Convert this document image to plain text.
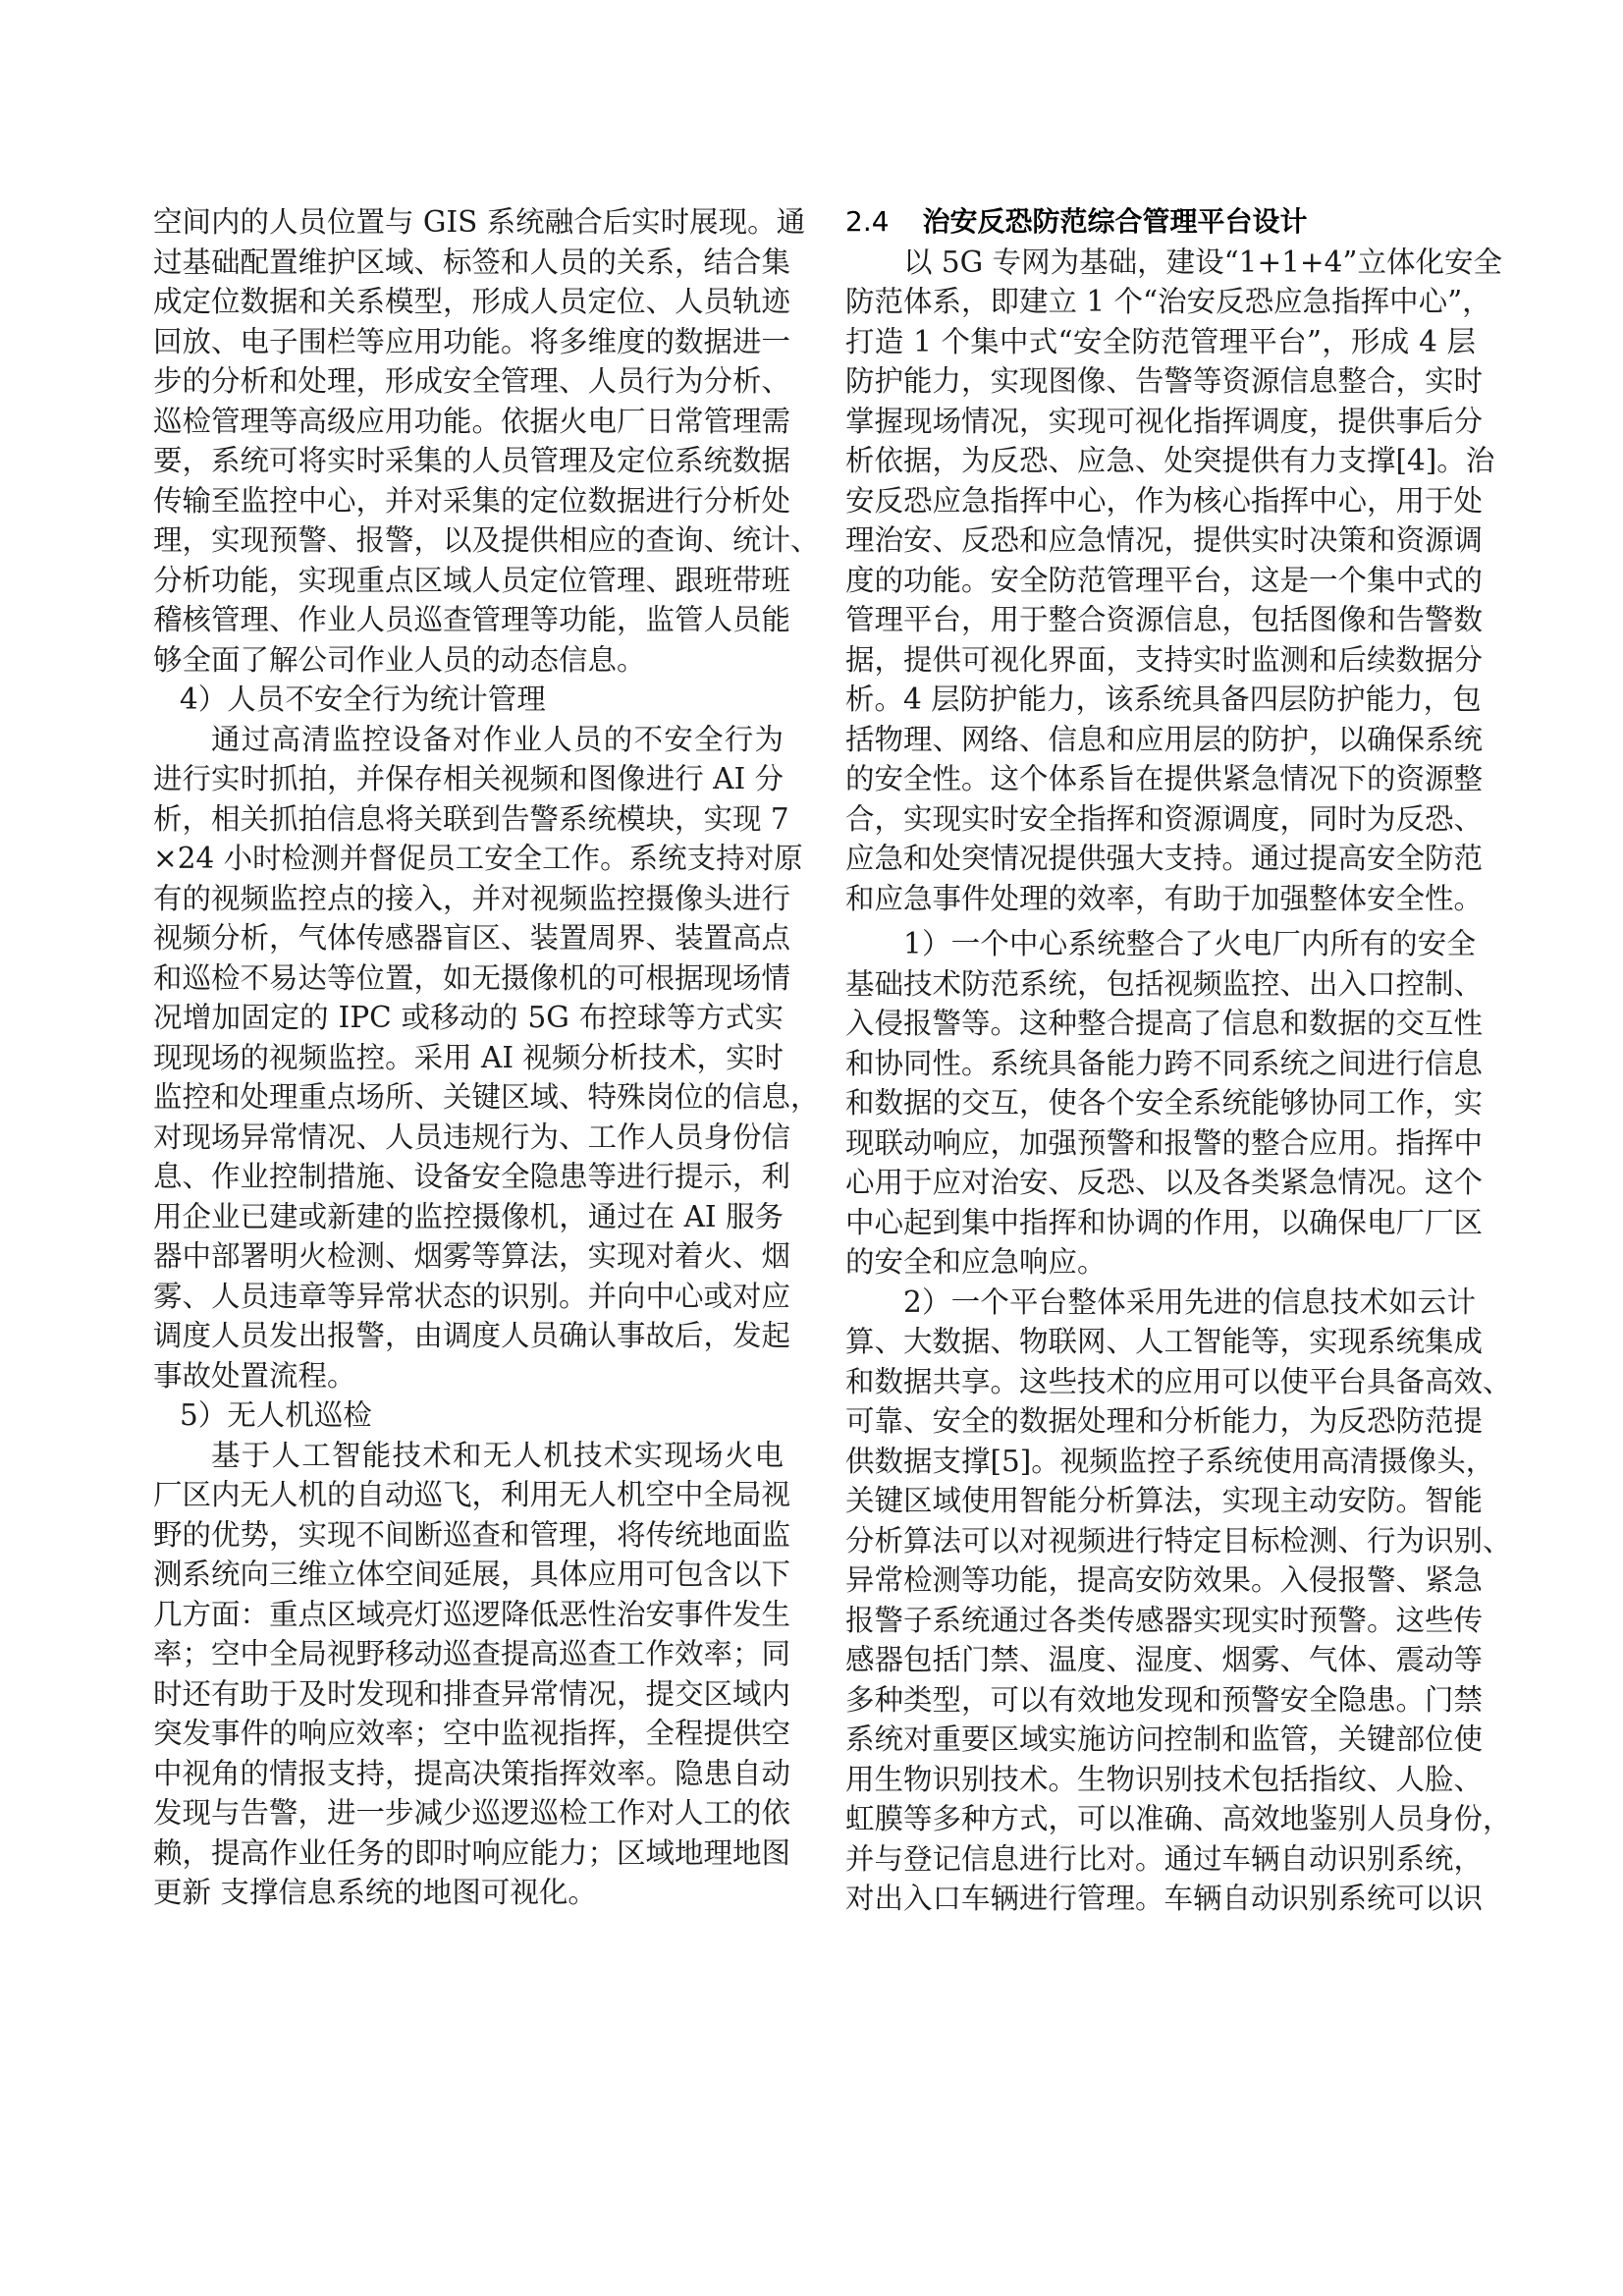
空间内的人员位置与 GIS 系统融合后实时展现。通
过基础配置维护区域、标签和人员的关系，结合集
成定位数据和关系模型，形成人员定位、人员轨迹
回放、电子围栏等应用功能。将多维度的数据进一
步的分析和处理，形成安全管理、人员行为分析、
巡检管理等高级应用功能。依据火电厂日常管理需
要，系统可将实时采集的人员管理及定位系统数据
传输至监控中心，并对采集的定位数据进行分析处
理，实现预警、报警，以及提供相应的查询、统计、
分析功能，实现重点区域人员定位管理、跟班带班
稽核管理、作业人员巡查管理等功能，监管人员能
够全面了解公司作业人员的动态信息。
4）人员不安全行为统计管理
通过高清监控设备对作业人员的不安全行为
进行实时抓拍，并保存相关视频和图像进行 AI 分
析，相关抓拍信息将关联到告警系统模块，实现 7
×24 小时检测并督促员工安全工作。系统支持对原
有的视频监控点的接入，并对视频监控摄像头进行
视频分析，气体传感器盲区、装置周界、装置高点
和巡检不易达等位置，如无摄像机的可根据现场情
况增加固定的 IPC 或移动的 5G 布控球等方式实
现现场的视频监控。采用 AI 视频分析技术，实时
监控和处理重点场所、关键区域、特殊岗位的信息，
对现场异常情况、人员违规行为、工作人员身份信
息、作业控制措施、设备安全隐患等进行提示，利
用企业已建或新建的监控摄像机，通过在 AI 服务
器中部署明火检测、烟雾等算法，实现对着火、烟
雾、人员违章等异常状态的识别。并向中心或对应
调度人员发出报警，由调度人员确认事故后，发起
事故处置流程。
5）无人机巡检
基于人工智能技术和无人机技术实现场火电
厂区内无人机的自动巡飞，利用无人机空中全局视
野的优势，实现不间断巡查和管理，将传统地面监
测系统向三维立体空间延展，具体应用可包含以下
几方面：重点区域亮灯巡逻降低恶性治安事件发生
率；空中全局视野移动巡查提高巡查工作效率；同
时还有助于及时发现和排查异常情况，提交区域内
突发事件的响应效率；空中监视指挥，全程提供空
中视角的情报支持，提高决策指挥效率。隐患自动
发现与告警，进一步减少巡逻巡检工作对人工的依
赖，提高作业任务的即时响应能力；区域地理地图
更新 支撑信息系统的地图可视化。
2.4 治安反恐防范综合管理平台设计
以 5G 专网为基础，建设“1+1+4”立体化安全
防范体系，即建立 1 个“治安反恐应急指挥中心”，
打造 1 个集中式“安全防范管理平台”，形成 4 层
防护能力，实现图像、告警等资源信息整合，实时
掌握现场情况，实现可视化指挥调度，提供事后分
析依据，为反恐、应急、处突提供有力支撑[4]。治
安反恐应急指挥中心，作为核心指挥中心，用于处
理治安、反恐和应急情况，提供实时决策和资源调
度的功能。安全防范管理平台，这是一个集中式的
管理平台，用于整合资源信息，包括图像和告警数
据，提供可视化界面，支持实时监测和后续数据分
析。4 层防护能力，该系统具备四层防护能力，包
括物理、网络、信息和应用层的防护，以确保系统
的安全性。这个体系旨在提供紧急情况下的资源整
合，实现实时安全指挥和资源调度，同时为反恐、
应急和处突情况提供强大支持。通过提高安全防范
和应急事件处理的效率，有助于加强整体安全性。
1）一个中心系统整合了火电厂内所有的安全
基础技术防范系统，包括视频监控、出入口控制、
入侵报警等。这种整合提高了信息和数据的交互性
和协同性。系统具备能力跨不同系统之间进行信息
和数据的交互，使各个安全系统能够协同工作，实
现联动响应，加强预警和报警的整合应用。指挥中
心用于应对治安、反恐、以及各类紧急情况。这个
中心起到集中指挥和协调的作用，以确保电厂厂区
的安全和应急响应。
2）一个平台整体采用先进的信息技术如云计
算、大数据、物联网、人工智能等，实现系统集成
和数据共享。这些技术的应用可以使平台具备高效、
可靠、安全的数据处理和分析能力，为反恐防范提
供数据支撑[5]。视频监控子系统使用高清摄像头，
关键区域使用智能分析算法，实现主动安防。智能
分析算法可以对视频进行特定目标检测、行为识别、
异常检测等功能，提高安防效果。入侵报警、紧急
报警子系统通过各类传感器实现实时预警。这些传
感器包括门禁、温度、湿度、烟雾、气体、震动等
多种类型，可以有效地发现和预警安全隐患。门禁
系统对重要区域实施访问控制和监管，关键部位使
用生物识别技术。生物识别技术包括指纹、人脸、
虹膜等多种方式，可以准确、高效地鉴别人员身份，
并与登记信息进行比对。通过车辆自动识别系统，
对出入口车辆进行管理。车辆自动识别系统可以识
